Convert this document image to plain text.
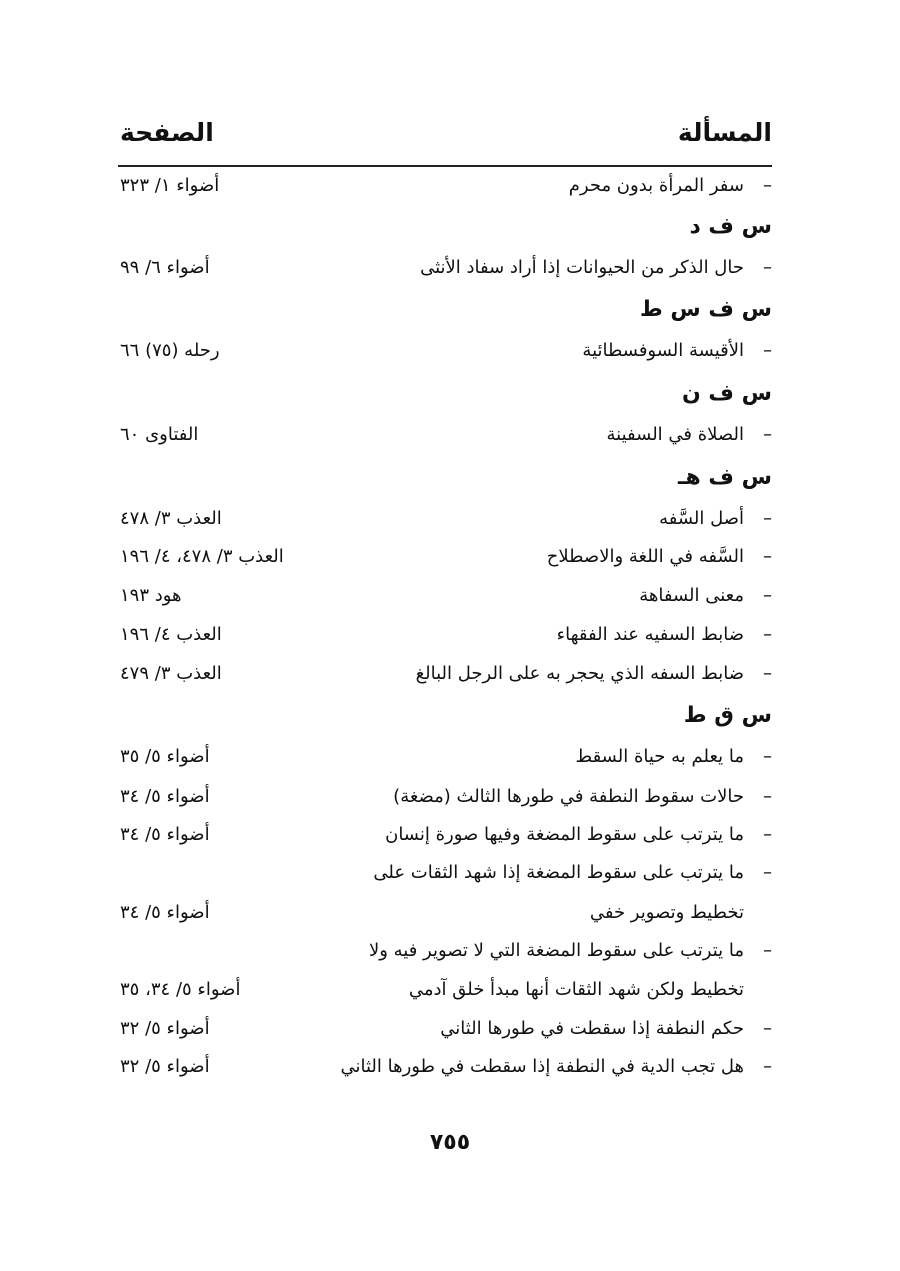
المسألة
الصفحة
–سفر المرأة بدون محرم
أضواء ١/ ٣٢٣
س ف د
–حال الذكر من الحيوانات إذا أراد سفاد الأنثى
أضواء ٦/ ٩٩
س ف س ط
–الأقيسة السوفسطائية
رحله (٧٥) ٦٦
س ف ن
–الصلاة في السفينة
الفتاوى ٦٠
س ف هـ
–أصل السَّفه
العذب ٣/ ٤٧٨
–السَّفه في اللغة والاصطلاح
العذب ٣/ ٤٧٨، ٤/ ١٩٦
–معنى السفاهة
هود ١٩٣
–ضابط السفيه عند الفقهاء
العذب ٤/ ١٩٦
–ضابط السفه الذي يحجر به على الرجل البالغ
العذب ٣/ ٤٧٩
س ق ط
–ما يعلم به حياة السقط
أضواء ٥/ ٣٥
–حالات سقوط النطفة في طورها الثالث (مضغة)
أضواء ٥/ ٣٤
–ما يترتب على سقوط المضغة وفيها صورة إنسان
أضواء ٥/ ٣٤
–ما يترتب على سقوط المضغة إذا شهد الثقات على
تخطيط وتصوير خفي
أضواء ٥/ ٣٤
–ما يترتب على سقوط المضغة التي لا تصوير فيه ولا
تخطيط ولكن شهد الثقات أنها مبدأ خلق آدمي
أضواء ٥/ ٣٤، ٣٥
–حكم النطفة إذا سقطت في طورها الثاني
أضواء ٥/ ٣٢
–هل تجب الدية في النطفة إذا سقطت في طورها الثاني
أضواء ٥/ ٣٢
٧٥٥
